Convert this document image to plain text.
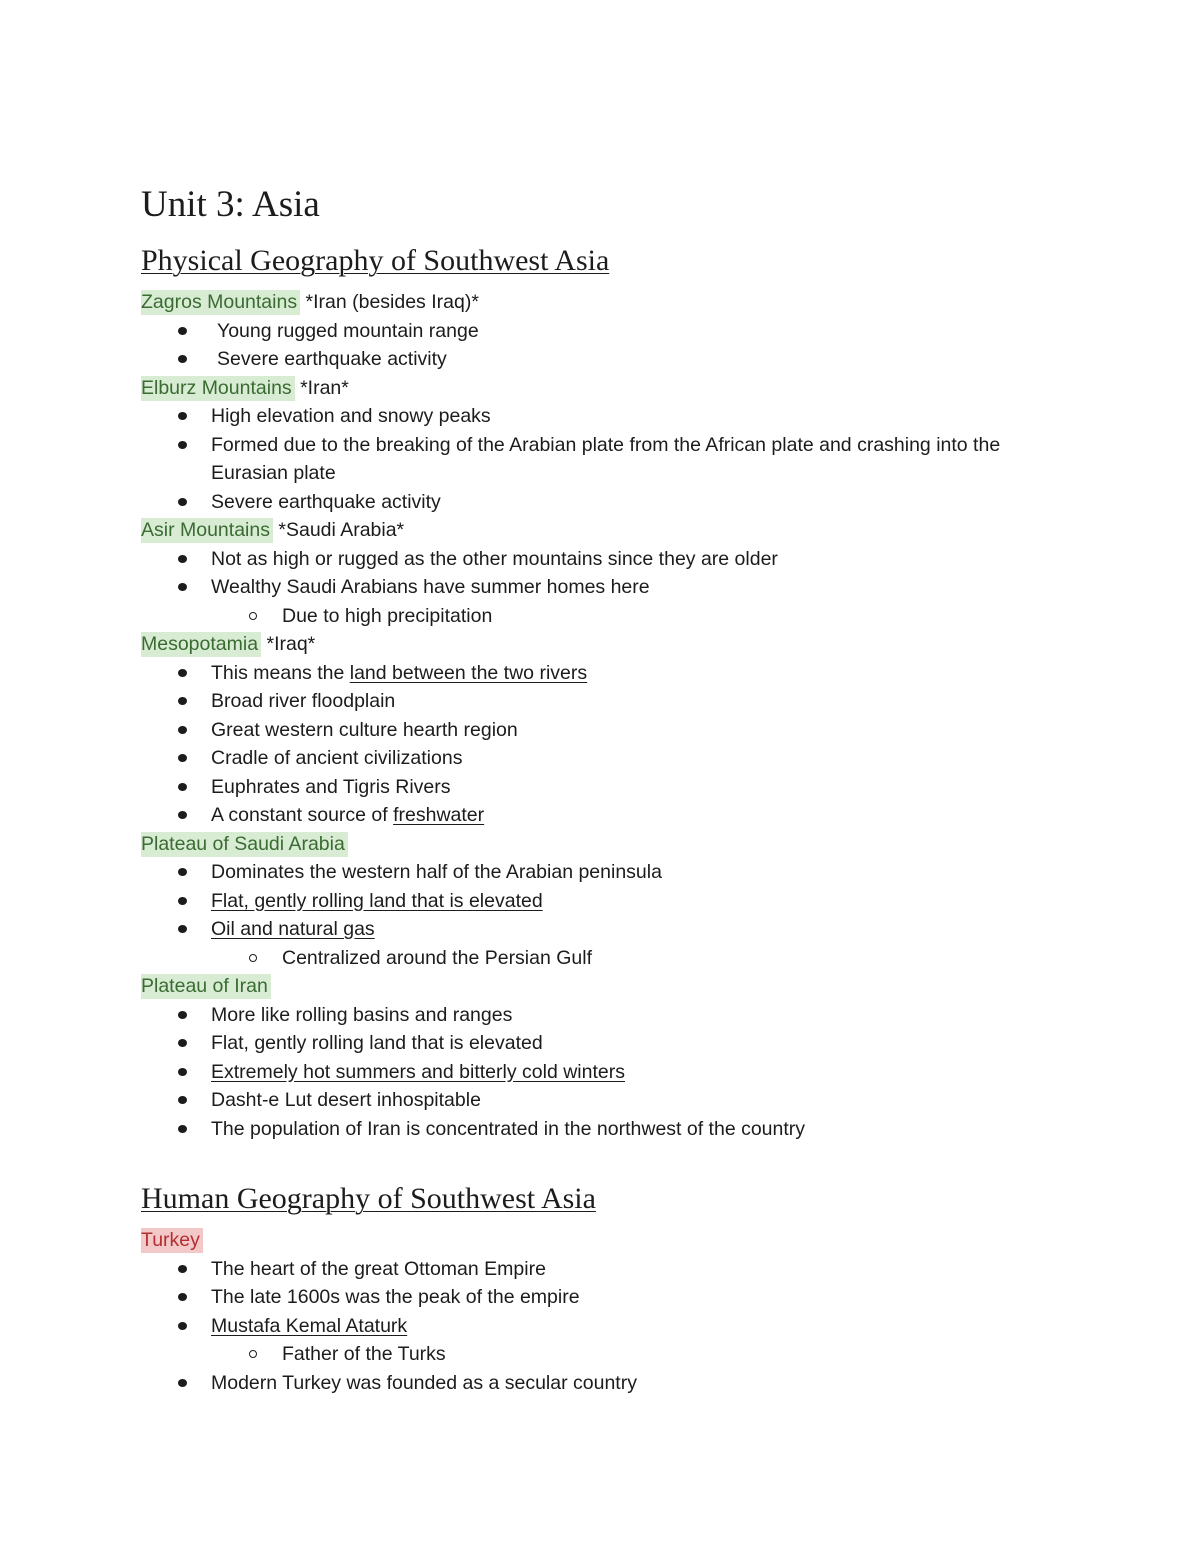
Unit 3: Asia
Physical Geography of Southwest Asia
Zagros Mountains *Iran (besides Iraq)*
Young rugged mountain range
Severe earthquake activity
Elburz Mountains *Iran*
High elevation and snowy peaks
Formed due to the breaking of the Arabian plate from the African plate and crashing into the Eurasian plate
Severe earthquake activity
Asir Mountains *Saudi Arabia*
Not as high or rugged as the other mountains since they are older
Wealthy Saudi Arabians have summer homes here
Due to high precipitation
Mesopotamia *Iraq*
This means the land between the two rivers
Broad river floodplain
Great western culture hearth region
Cradle of ancient civilizations
Euphrates and Tigris Rivers
A constant source of freshwater
Plateau of Saudi Arabia
Dominates the western half of the Arabian peninsula
Flat, gently rolling land that is elevated
Oil and natural gas
Centralized around the Persian Gulf
Plateau of Iran
More like rolling basins and ranges
Flat, gently rolling land that is elevated
Extremely hot summers and bitterly cold winters
Dasht-e Lut desert inhospitable
The population of Iran is concentrated in the northwest of the country
Human Geography of Southwest Asia
Turkey
The heart of the great Ottoman Empire
The late 1600s was the peak of the empire
Mustafa Kemal Ataturk
Father of the Turks
Modern Turkey was founded as a secular country
